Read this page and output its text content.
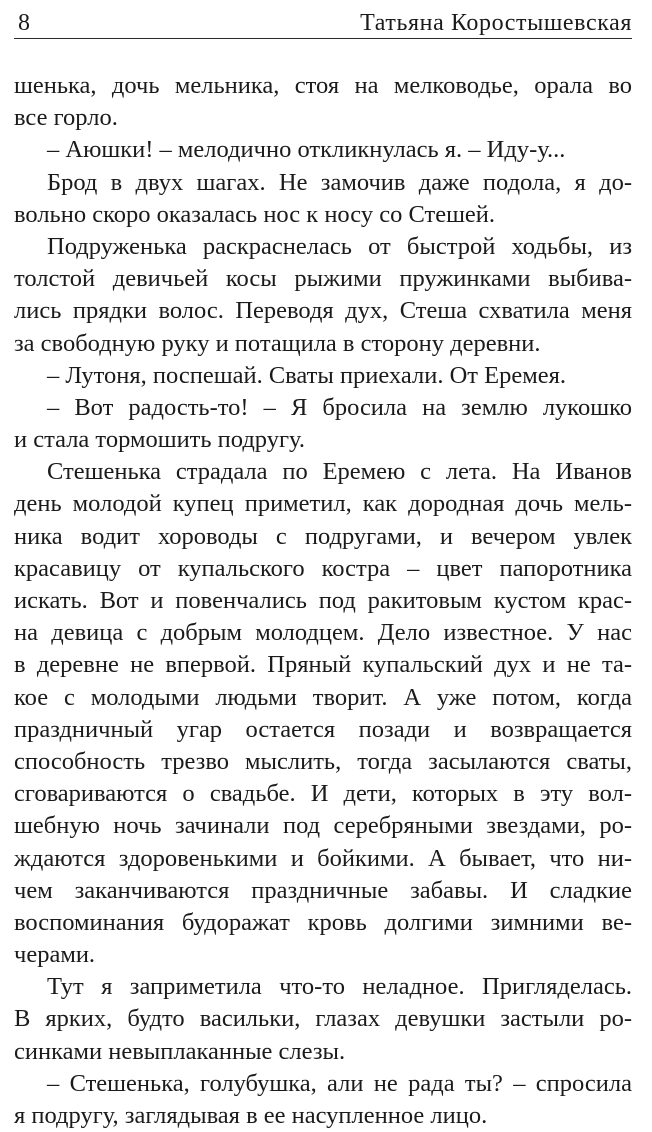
8	Татьяна Коростышевская
шенька, дочь мельника, стоя на мелководье, орала во
все горло.
– Аюшки! – мелодично откликнулась я. – Иду-у...
Брод в двух шагах. Не замочив даже подола, я до-
вольно скоро оказалась нос к носу со Стешей.
Подруженька раскраснелась от быстрой ходьбы, из
толстой девичьей косы рыжими пружинками выбива-
лись прядки волос. Переводя дух, Стеша схватила меня
за свободную руку и потащила в сторону деревни.
– Лутоня, поспешай. Сваты приехали. От Еремея.
– Вот радость-то! – Я бросила на землю лукошко
и стала тормошить подругу.
Стешенька страдала по Еремею с лета. На Иванов
день молодой купец приметил, как дородная дочь мель-
ника водит хороводы с подругами, и вечером увлек
красавицу от купальского костра – цвет папоротника
искать. Вот и повенчались под ракитовым кустом крас-
на девица с добрым молодцем. Дело известное. У нас
в деревне не впервой. Пряный купальский дух и не та-
кое с молодыми людьми творит. А уже потом, когда
праздничный угар остается позади и возвращается
способность трезво мыслить, тогда засылаются сваты,
сговариваются о свадьбе. И дети, которых в эту вол-
шебную ночь зачинали под серебряными звездами, ро-
ждаются здоровенькими и бойкими. А бывает, что ни-
чем заканчиваются праздничные забавы. И сладкие
воспоминания будоражат кровь долгими зимними ве-
черами.
Тут я заприметила что-то неладное. Пригляделась.
В ярких, будто васильки, глазах девушки застыли ро-
синками невыплаканные слезы.
– Стешенька, голубушка, али не рада ты? – спросила
я подругу, заглядывая в ее насупленное лицо.
